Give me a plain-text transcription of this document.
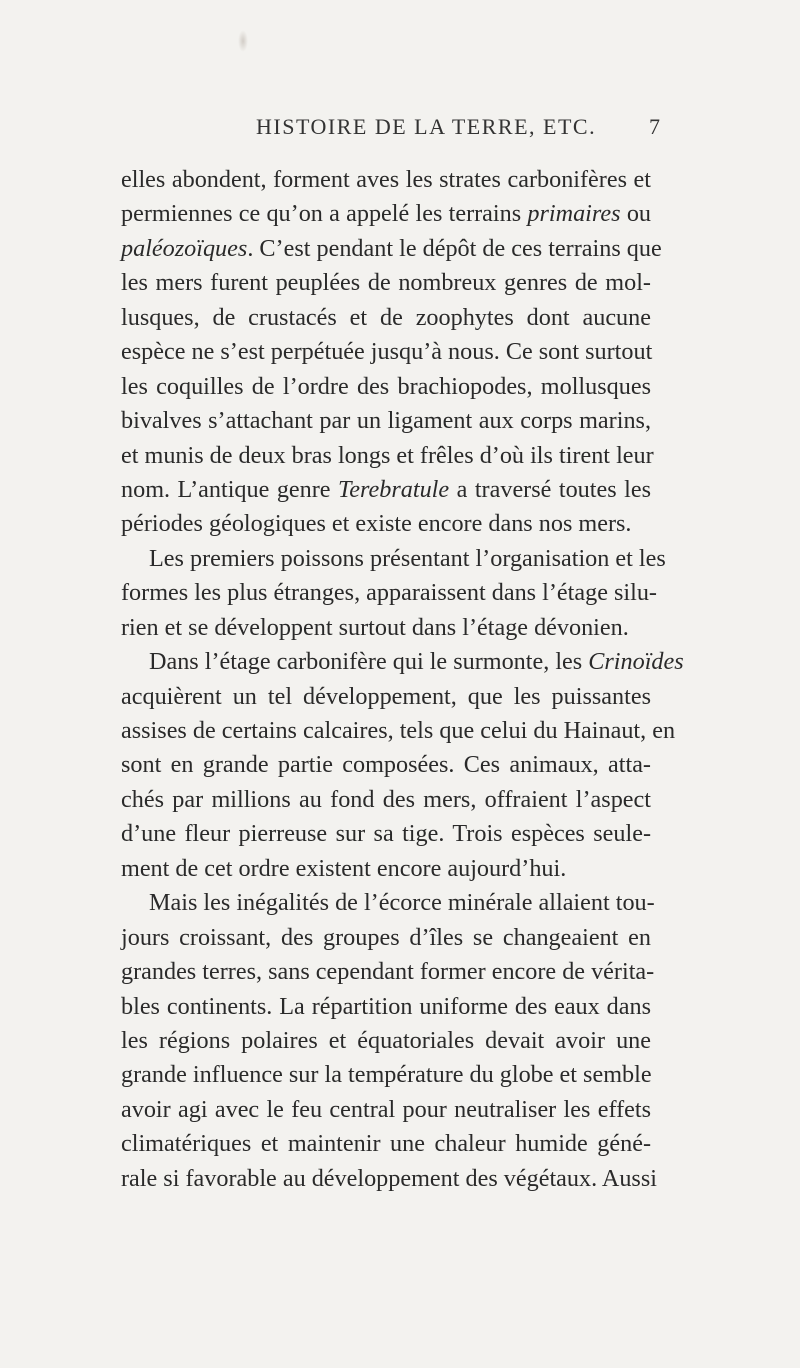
HISTOIRE DE LA TERRE, ETC. 7
elles abondent, forment aves les strates carbonifères et
permiennes ce qu’on a appelé les terrains primaires ou
paléozoïques. C’est pendant le dépôt de ces terrains que
les mers furent peuplées de nombreux genres de mol-
lusques, de crustacés et de zoophytes dont aucune
espèce ne s’est perpétuée jusqu’à nous. Ce sont surtout
les coquilles de l’ordre des brachiopodes, mollusques
bivalves s’attachant par un ligament aux corps marins,
et munis de deux bras longs et frêles d’où ils tirent leur
nom. L’antique genre Terebratule a traversé toutes les
périodes géologiques et existe encore dans nos mers.
Les premiers poissons présentant l’organisation et les
formes les plus étranges, apparaissent dans l’étage silu-
rien et se développent surtout dans l’étage dévonien.
Dans l’étage carbonifère qui le surmonte, les Crinoïdes
acquièrent un tel développement, que les puissantes
assises de certains calcaires, tels que celui du Hainaut, en
sont en grande partie composées. Ces animaux, atta-
chés par millions au fond des mers, offraient l’aspect
d’une fleur pierreuse sur sa tige. Trois espèces seule-
ment de cet ordre existent encore aujourd’hui.
Mais les inégalités de l’écorce minérale allaient tou-
jours croissant, des groupes d’îles se changeaient en
grandes terres, sans cependant former encore de vérita-
bles continents. La répartition uniforme des eaux dans
les régions polaires et équatoriales devait avoir une
grande influence sur la température du globe et semble
avoir agi avec le feu central pour neutraliser les effets
climatériques et maintenir une chaleur humide géné-
rale si favorable au développement des végétaux. Aussi
